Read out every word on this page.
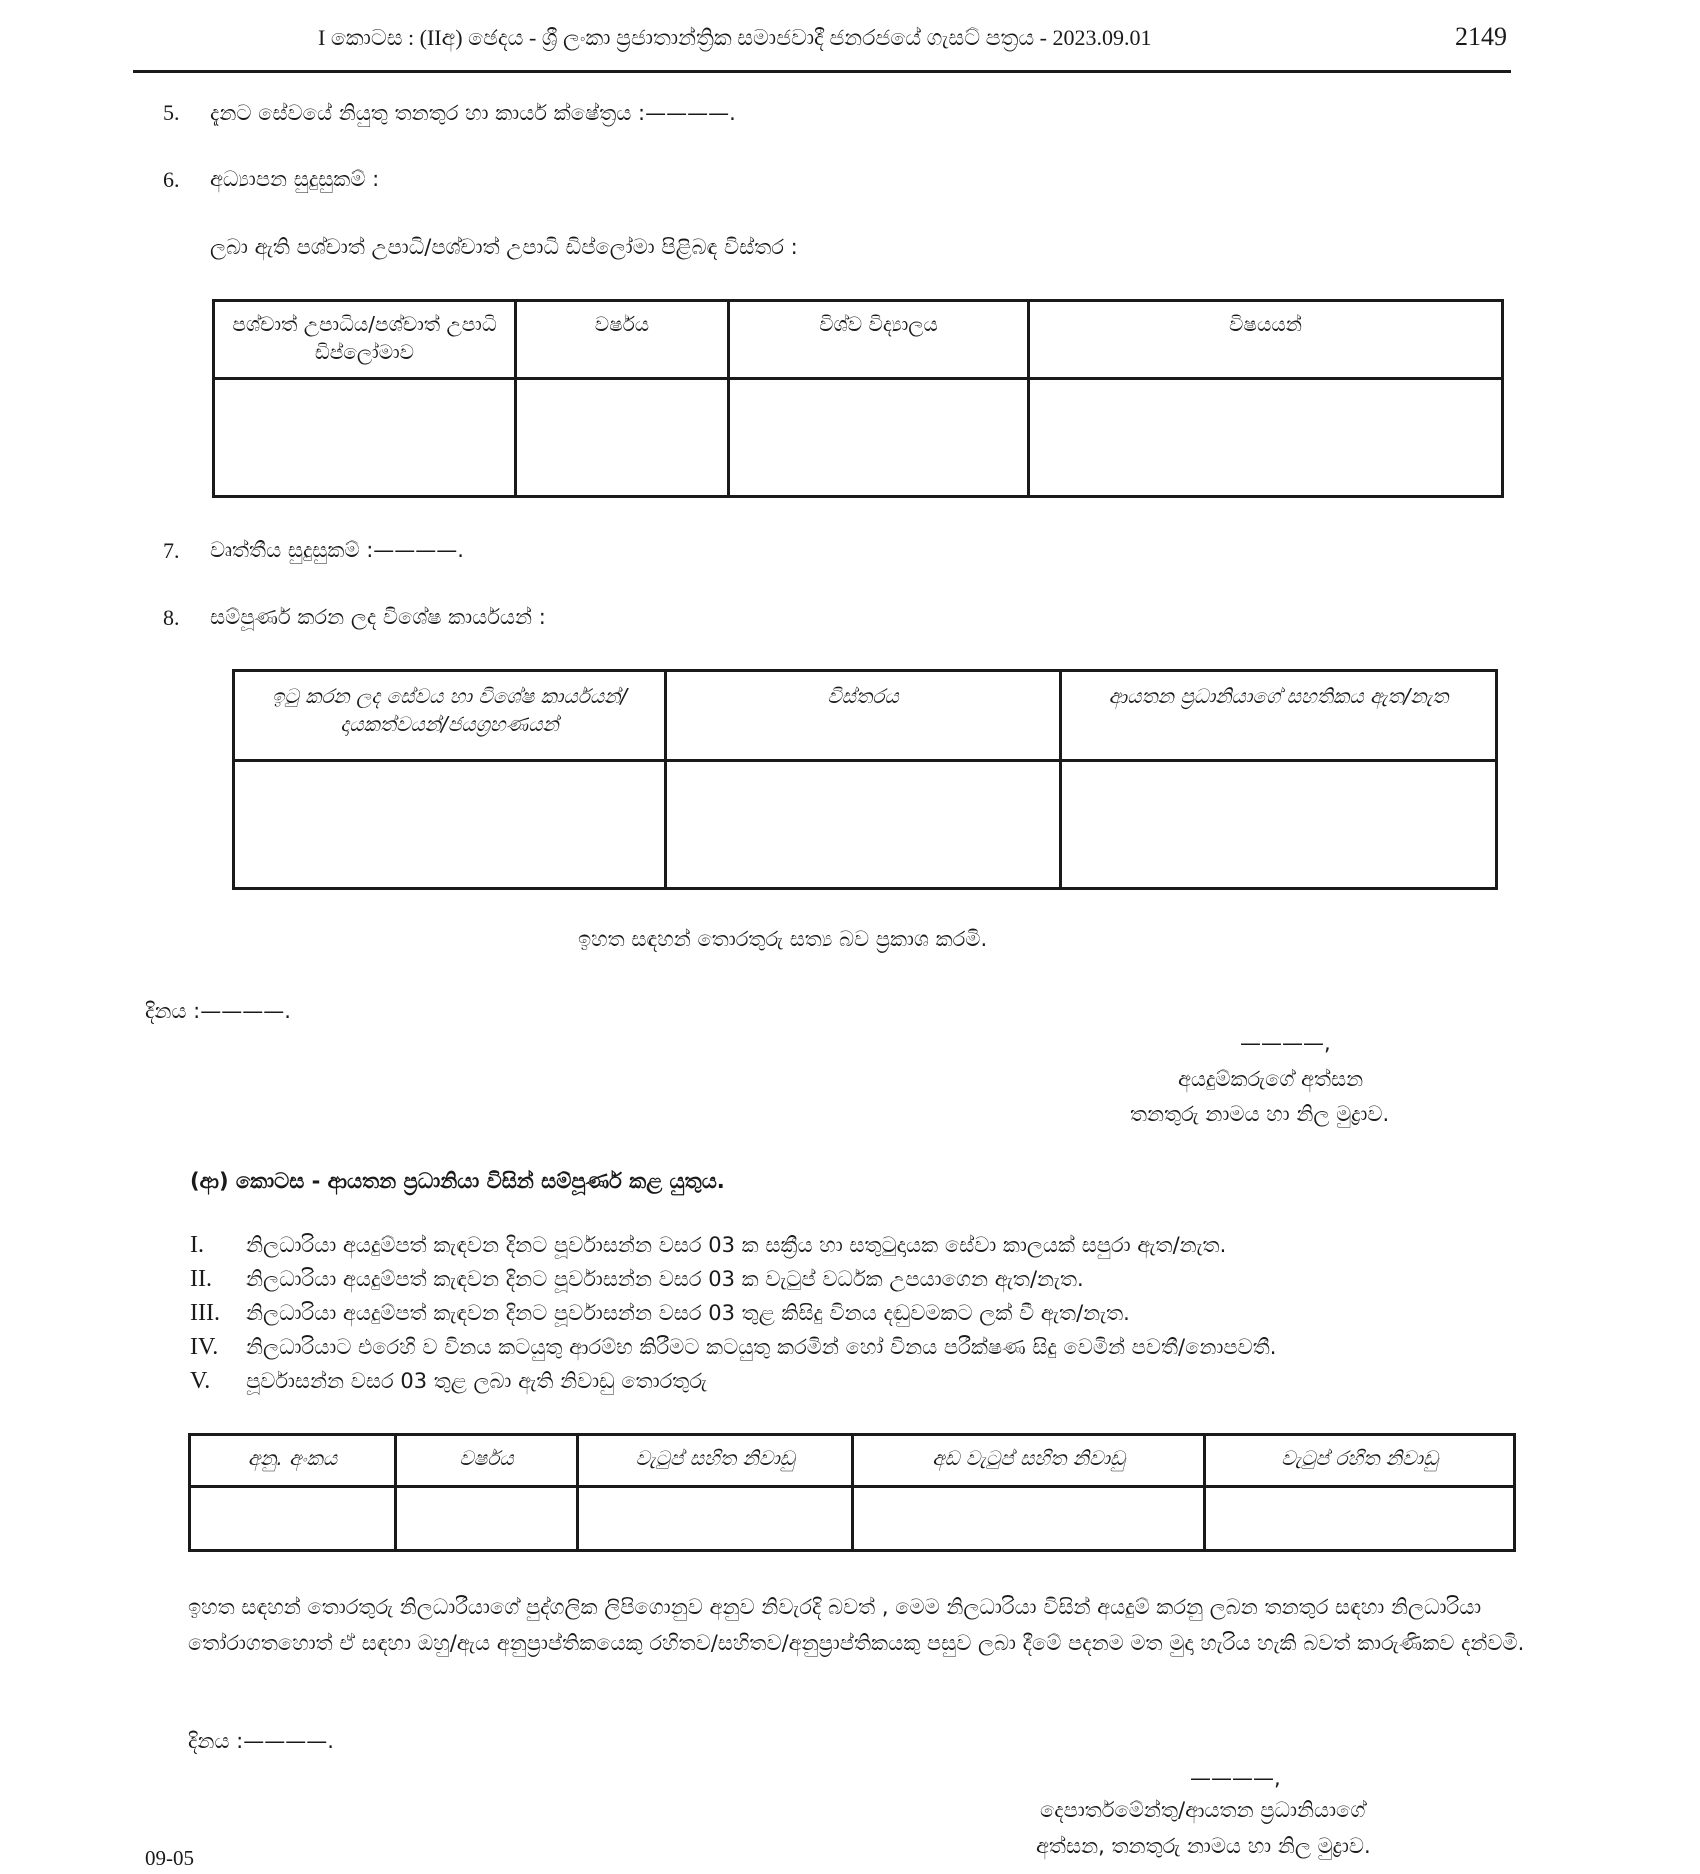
I කොටස : (IIඅ) ඡෙදය - ශ්‍රී ලංකා ප්‍රජාතාන්ත්‍රික සමාජවාදී ජනරජයේ ගැසට් පත්‍රය - 2023.09.01	2149
5. දැනට සේවයේ නියුතු තනතුර හා කාර්ය ක්ෂේත්‍රය :————.
6. අධ්‍යාපන සුදුසුකම් :
ලබා ඇති පශ්චාත් උපාධි/පශ්චාත් උපාධි ඩිප්ලෝමා පිළිබඳ විස්තර :
පශ්චාත් උපාධිය/පශ්චාත් උපාධි ඩිප්ලෝමාව	වර්ෂය	විශ්ව විද්‍යාලය	විෂයයන්

7. වෘත්තීය සුදුසුකම් :————.
8. සම්පූර්ණ කරන ලද විශේෂ කාර්යයන් :
ඉටු කරන ලද සේවය හා විශේෂ කාර්යයන්/දායකත්වයන්/ජයග්‍රහණයන්	විස්තරය	ආයතන ප්‍රධානියාගේ සහතිකය ඇත/නැත

ඉහත සඳහන් තොරතුරු සත්‍ය බව ප්‍රකාශ කරමි.
දිනය :————.
————,
අයදුම්කරුගේ අත්සන
තනතුරු නාමය හා නිල මුද්‍රාව.
(ආ) කොටස - ආයතන ප්‍රධානියා විසින් සම්පූර්ණ කළ යුතුය.
I. නිලධාරියා අයදුම්පත් කැඳවන දිනට පූර්වාසන්න වසර 03 ක සක්‍රීය හා සතුටුදායක සේවා කාලයක් සපුරා ඇත/නැත.
II. නිලධාරියා අයදුම්පත් කැඳවන දිනට පූර්වාසන්න වසර 03 ක වැටුප් වර්ධක උපයාගෙන ඇත/නැත.
III. නිලධාරියා අයදුම්පත් කැඳවන දිනට පූර්වාසන්න වසර 03 තුළ කිසිදු විනය දඬුවමකට ලක් වී ඇත/නැත.
IV. නිලධාරියාට එරෙහි ව විනය කටයුතු ආරම්භ කිරීමට කටයුතු කරමින් හෝ විනය පරීක්ෂණ සිදු වෙමින් පවතී/නොපවතී.
V. පූර්වාසන්න වසර 03 තුළ ලබා ඇති නිවාඩු තොරතුරු
අනු. අංකය	වර්ෂය	වැටුප් සහිත නිවාඩු	අඩ වැටුප් සහිත නිවාඩු	වැටුප් රහිත නිවාඩු

ඉහත සඳහන් තොරතුරු නිලධාරීයාගේ පුද්ගලික ලිපිගොනුව අනුව නිවැරදි බවත් , මෙම නිලධාරියා විසින් අයදුම් කරනු ලබන තනතුර සඳහා නිලධාරියා තෝරාගතහොත් ඒ සඳහා ඔහු/ඇය අනුප්‍රාප්තිකයෙකු රහිතව/සහිතව/අනුප්‍රාප්තිකයකු පසුව ලබා දීමේ පදනම මත මුදා හැරිය හැකි බවත් කාරුණිකව දන්වමි.
දිනය :————.
————,
දෙපාර්තමේන්තු/ආයතන ප්‍රධානියාගේ
අත්සන, තනතුරු නාමය හා නිල මුද්‍රාව.
09-05
